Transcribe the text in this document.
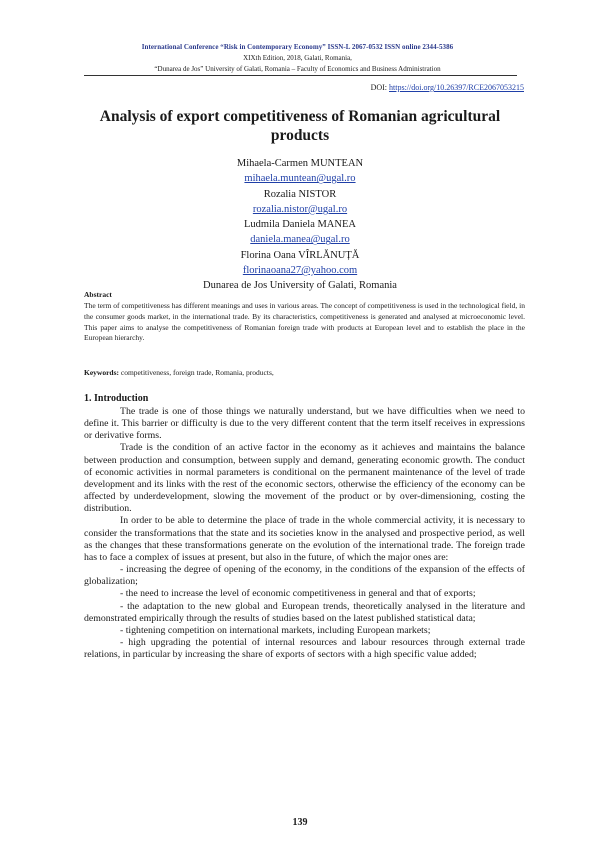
International Conference “Risk in Contemporary Economy” ISSN-L 2067-0532 ISSN online 2344-5386
XIXth Edition, 2018, Galati, Romania,
“Dunarea de Jos” University of Galati, Romania – Faculty of Economics and Business Administration
DOI: https://doi.org/10.26397/RCE2067053215
Analysis of export competitiveness of Romanian agricultural products
Mihaela-Carmen MUNTEAN
mihaela.muntean@ugal.ro
Rozalia NISTOR
rozalia.nistor@ugal.ro
Ludmila Daniela MANEA
daniela.manea@ugal.ro
Florina Oana VÎRLĂNUȚĂ
florinaoana27@yahoo.com
Dunarea de Jos University of Galati, Romania
Abstract
The term of competitiveness has different meanings and uses in various areas. The concept of competitiveness is used in the technological field, in the consumer goods market, in the international trade. By its characteristics, competitiveness is generated and analysed at microeconomic level. This paper aims to analyse the competitiveness of Romanian foreign trade with products at European level and to establish the place in the European hierarchy.
Keywords: competitiveness, foreign trade, Romania, products,
1. Introduction

The trade is one of those things we naturally understand, but we have difficulties when we need to define it. This barrier or difficulty is due to the very different content that the term itself receives in expressions or derivative forms.

Trade is the condition of an active factor in the economy as it achieves and maintains the balance between production and consumption, between supply and demand, generating economic growth. The conduct of economic activities in normal parameters is conditional on the permanent maintenance of the level of trade development and its links with the rest of the economic sectors, otherwise the efficiency of the economy can be affected by underdevelopment, slowing the movement of the product or by over-dimensioning, costing the distribution.

In order to be able to determine the place of trade in the whole commercial activity, it is necessary to consider the transformations that the state and its societies know in the analysed and prospective period, as well as the changes that these transformations generate on the evolution of the international trade. The foreign trade has to face a complex of issues at present, but also in the future, of which the major ones are:

- increasing the degree of opening of the economy, in the conditions of the expansion of the effects of globalization;

- the need to increase the level of economic competitiveness in general and that of exports;

- the adaptation to the new global and European trends, theoretically analysed in the literature and demonstrated empirically through the results of studies based on the latest published statistical data;

- tightening competition on international markets, including European markets;

- high upgrading the potential of internal resources and labour resources through external trade relations, in particular by increasing the share of exports of sectors with a high specific value added;

139
